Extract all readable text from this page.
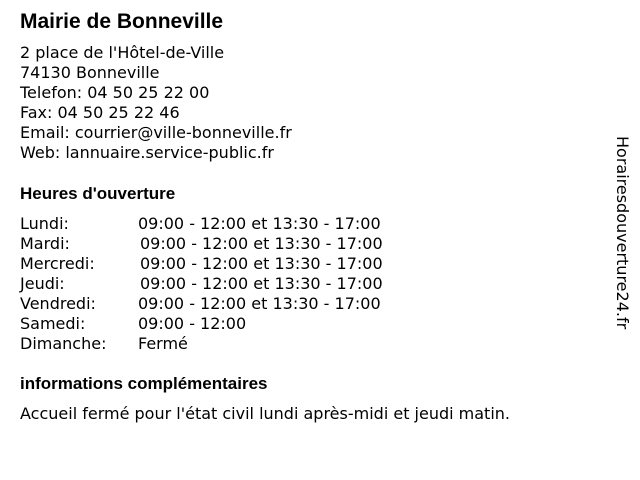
Mairie de Bonneville
2 place de l'Hôtel-de-Ville
74130 Bonneville
Telefon: 04 50 25 22 00
Fax: 04 50 25 22 46
Email: courrier@ville-bonneville.fr
Web: lannuaire.service-public.fr
Heures d'ouverture
Lundi:	09:00 - 12:00 et 13:30 - 17:00
Mardi:	09:00 - 12:00 et 13:30 - 17:00
Mercredi:	09:00 - 12:00 et 13:30 - 17:00
Jeudi:	09:00 - 12:00 et 13:30 - 17:00
Vendredi:	09:00 - 12:00 et 13:30 - 17:00
Samedi:	09:00 - 12:00
Dimanche: Fermé
informations complémentaires
Accueil fermé pour l'état civil lundi après-midi et jeudi matin.
Horairesdouverture24.fr
